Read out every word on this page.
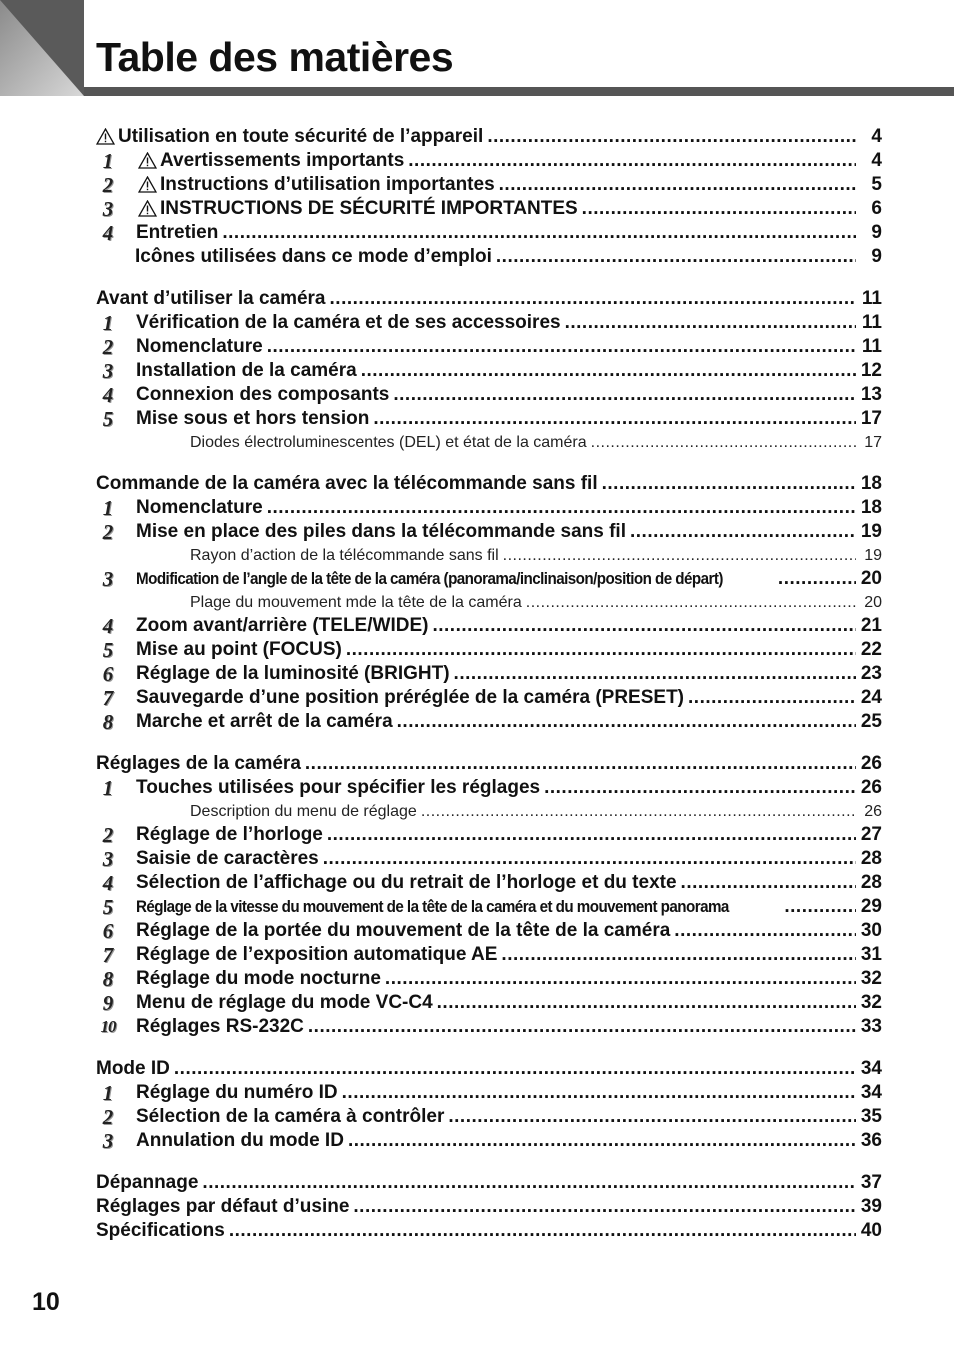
Table des matières
Utilisation en toute sécurité de l’appareil .....	4
1	Avertissements importants .....	4
2	Instructions d’utilisation importantes .....	5
3	INSTRUCTIONS DE SÉCURITÉ IMPORTANTES .....	6
4	Entretien .....	9
Icônes utilisées dans ce mode d’emploi .....	9
Avant d’utiliser la caméra .....	11
1	Vérification de la caméra et de ses accessoires .....	11
2	Nomenclature .....	11
3	Installation de la caméra .....	12
4	Connexion des composants .....	13
5	Mise sous et hors tension .....	17
Diodes électroluminescentes (DEL) et état de la caméra .....	17
Commande de la caméra avec la télécommande sans fil .....	18
1	Nomenclature .....	18
2	Mise en place des piles dans la télécommande sans fil .....	19
Rayon d’action de la télécommande sans fil .....	19
3	Modification de l’angle de la tête de la caméra (panorama/inclinaison/position de départ) .....	20
Plage du mouvement mde la tête de la caméra .....	20
4	Zoom avant/arrière (TELE/WIDE) .....	21
5	Mise au point (FOCUS) .....	22
6	Réglage de la luminosité (BRIGHT) .....	23
7	Sauvegarde d’une position préréglée de la caméra (PRESET) .....	24
8	Marche et arrêt de la caméra .....	25
Réglages de la caméra .....	26
1	Touches utilisées pour spécifier les réglages .....	26
Description du menu de réglage .....	26
2	Réglage de l’horloge .....	27
3	Saisie de caractères .....	28
4	Sélection de l’affichage ou du retrait de l’horloge et du texte .....	28
5	Réglage de la vitesse du mouvement de la tête de la caméra et du mouvement panorama .....	29
6	Réglage de la portée du mouvement de la tête de la caméra .....	30
7	Réglage de l’exposition automatique AE .....	31
8	Réglage du mode nocturne .....	32
9	Menu de réglage du mode VC-C4 .....	32
10 Réglages RS-232C .....	33
Mode ID .....	34
1	Réglage du numéro ID .....	34
2	Sélection de la caméra à contrôler .....	35
3	Annulation du mode ID .....	36
Dépannage .....	37
Réglages par défaut d’usine .....	39
Spécifications .....	40
10
